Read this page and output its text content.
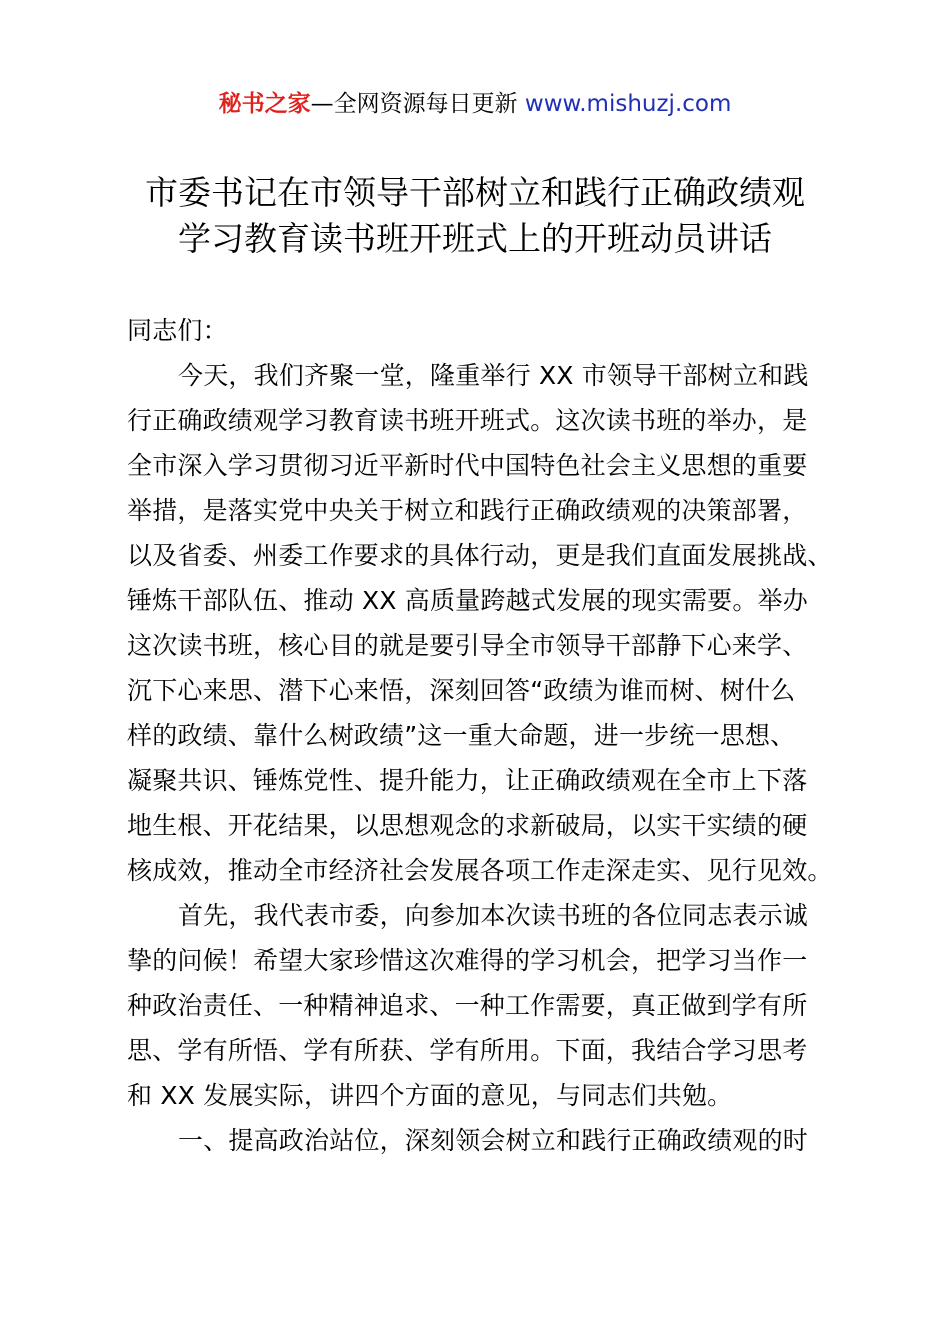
秘书之家—全网资源每日更新 www.mishuzj.com
市委书记在市领导干部树立和践行正确政绩观
学习教育读书班开班式上的开班动员讲话
同志们：
今天，我们齐聚一堂，隆重举行 XX 市领导干部树立和践
行正确政绩观学习教育读书班开班式。这次读书班的举办，是
全市深入学习贯彻习近平新时代中国特色社会主义思想的重要
举措，是落实党中央关于树立和践行正确政绩观的决策部署，
以及省委、州委工作要求的具体行动，更是我们直面发展挑战、
锤炼干部队伍、推动 XX 高质量跨越式发展的现实需要。举办
这次读书班，核心目的就是要引导全市领导干部静下心来学、
沉下心来思、潜下心来悟，深刻回答“政绩为谁而树、树什么
样的政绩、靠什么树政绩”这一重大命题，进一步统一思想、
凝聚共识、锤炼党性、提升能力，让正确政绩观在全市上下落
地生根、开花结果，以思想观念的求新破局，以实干实绩的硬
核成效，推动全市经济社会发展各项工作走深走实、见行见效。
首先，我代表市委，向参加本次读书班的各位同志表示诚
挚的问候！希望大家珍惜这次难得的学习机会，把学习当作一
种政治责任、一种精神追求、一种工作需要，真正做到学有所
思、学有所悟、学有所获、学有所用。下面，我结合学习思考
和 XX 发展实际，讲四个方面的意见，与同志们共勉。
一、提高政治站位，深刻领会树立和践行正确政绩观的时
